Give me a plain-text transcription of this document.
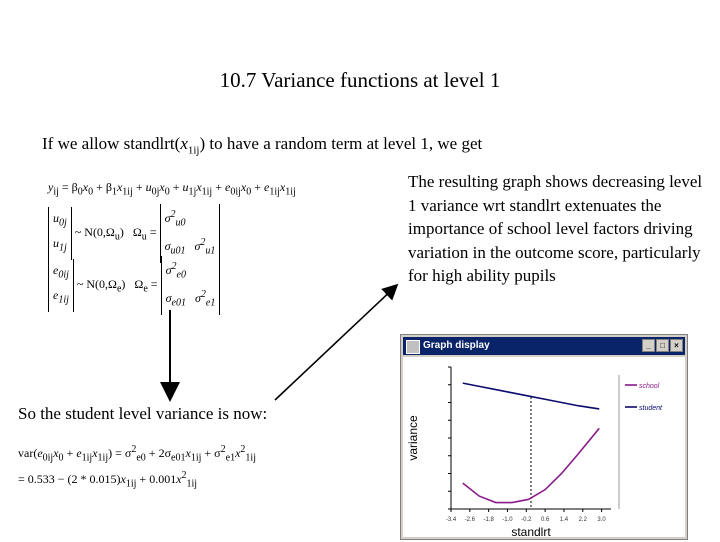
10.7 Variance functions at level 1
If we allow $standlrt(x_{1ij})$ to have a random term at level 1, we get
$y_{ij} = \beta_0x_0 + \beta_1x_{1ij} + u_{0j}x_0 + u_{1j}x_{1ij} + e_{0ij}x_0 + e_{1ij}x_{1ij}$
$u_{0j}$
$u_{1j}$ ~ $N(0,\Omega_u) \Omega_u = \sigma^2_{u0}$
$\sigma_{u01}$   $\sigma^2_{u1}$
$e_{0ij}$
$e_{1ij}$ ~ $N(0,\Omega_e) \Omega_e = \sigma^2_{e0}$
$\sigma_{e01}$   $\sigma^2_{e1}$
The resulting graph shows decreasing level 1 variance wrt standlrt extenuates the importance of school level factors driving variation in the outcome score, particularly for high ability pupils
So the student level variance is now:
$var(e_{0ij}x_0 + e_{1ij}x_{1ij}) = \sigma^2_{e0} + 2\sigma_{e01}x_{1ij} + \sigma^2_{e1}x^2_{1ij}$
= $0.533 - (2 * 0.015)x_{1ij} + 0.001x^2_{1ij}$
Graph display	_	□	×
-3.4 -2.6 -1.8 -1.0 -0.2 0.6 1.4 2.2 3.0
variance
standlrt
school
student
